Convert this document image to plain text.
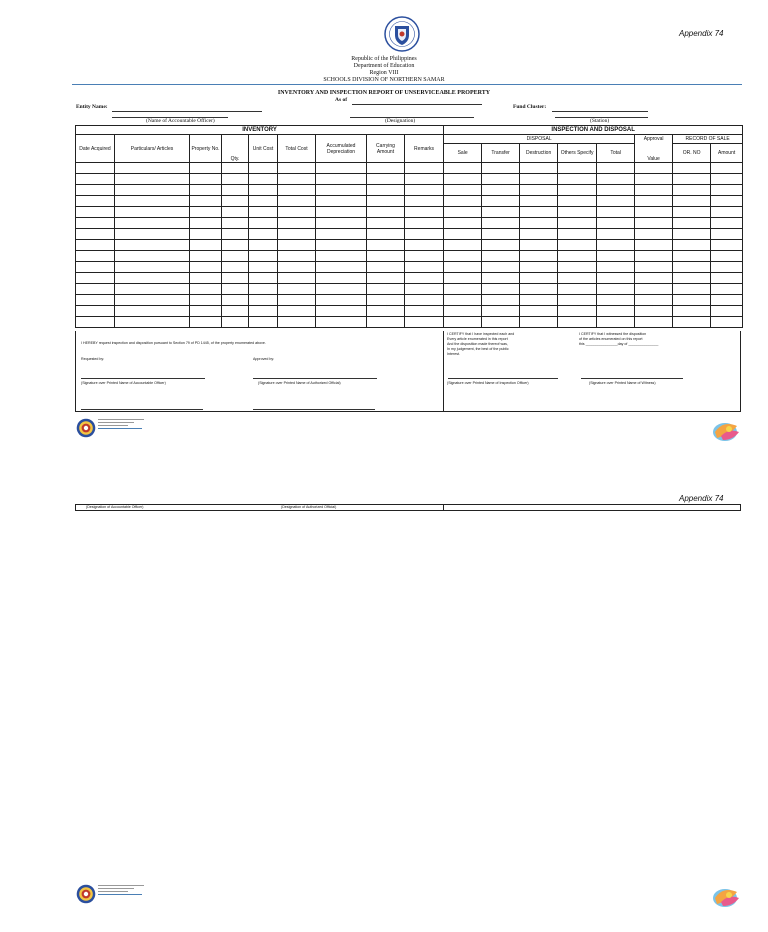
Appendix 74
Republic of the Philippines
Department of Education
Region VIII
SCHOOLS DIVISION OF NORTHERN SAMAR
INVENTORY AND INSPECTION REPORT OF UNSERVICEABLE PROPERTY
As of
Entity Name:	Fund Cluster:
(Name of Accountable Officer)	(Designation)	(Station)
INVENTORY									INSPECTION AND DISPOSAL							
Date Acquired	Particulars/ Articles	Property No.	Qty.	Unit Cost	Total Cost	Accumulated Depreciation	Carrying Amount	Remarks	DISPOSAL					Approval	RECORD OF SALE	
									Sale	Transfer	Destruction	Others Specify	Total	Value	OR. NO	Amount

I HEREBY request inspection and disposition pursuant to Section 79 of PD 1445, of the property enumerated above.
Requested by:	Approved by:
(Signature over Printed Name of Accountable Officer)	(Signature over Printed Name of Authorized Official)
I CERTIFY that I have inspected each and
Every article enumerated in this report
And the disposition made thereof was,
In my judgement, the best of the public
Interest.
I CERTIFY that I witnessed the disposition
of the articles enumerated on this report
this ________________day of _______________
(Signature over Printed Name of Inspection Officer)	(Signature over Printed Name of Witness)
Appendix 74
(Designation of Accountable Officer)	(Designation of Authorized Official)
